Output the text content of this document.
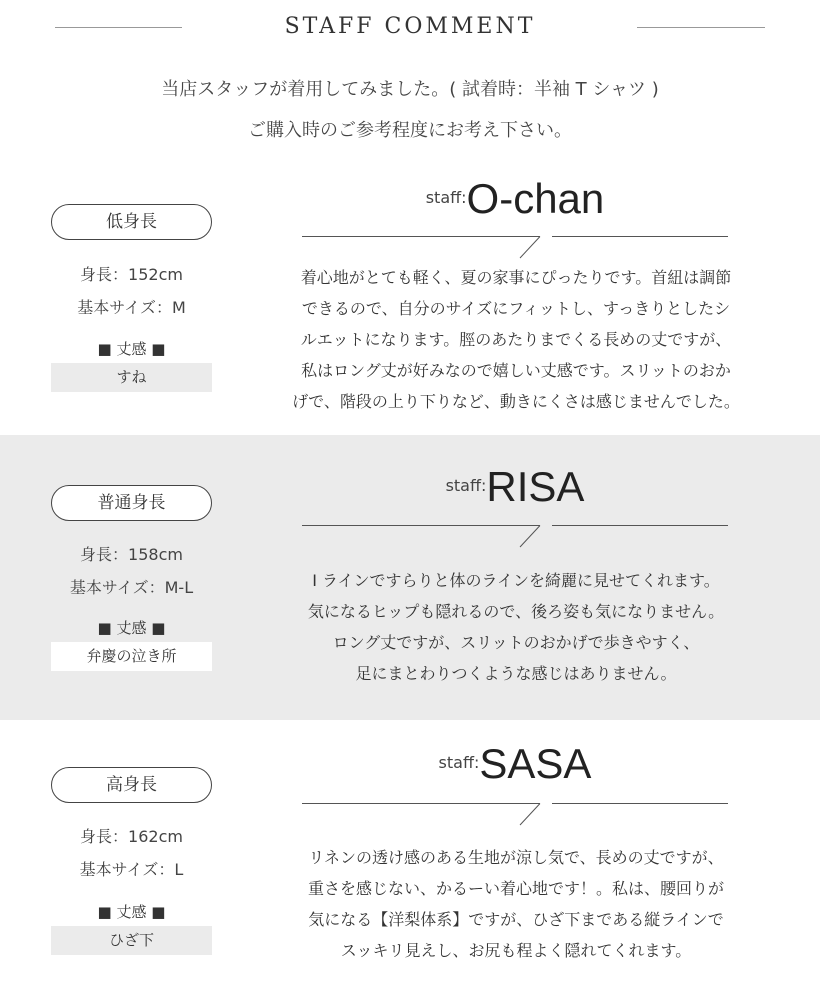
STAFF COMMENT
当店スタッフが着用してみました。( 試着時：半袖 T シャツ )
ご購入時のご参考程度にお考え下さい。
低身長
身長：152cm
基本サイズ：M
■ 丈感 ■
すね
staff:O-chan
着心地がとても軽く、夏の家事にぴったりです。首紐は調節
できるので、自分のサイズにフィットし、すっきりとしたシ
ルエットになります。脛のあたりまでくる長めの丈ですが、
私はロング丈が好みなので嬉しい丈感です。スリットのおか
げで、階段の上り下りなど、動きにくさは感じませんでした。
普通身長
身長：158cm
基本サイズ：M-L
■ 丈感 ■
弁慶の泣き所
staff:RISA
I ラインですらりと体のラインを綺麗に見せてくれます。
気になるヒップも隠れるので、後ろ姿も気になりません。
ロング丈ですが、スリットのおかげで歩きやすく、
足にまとわりつくような感じはありません。
高身長
身長：162cm
基本サイズ：L
■ 丈感 ■
ひざ下
staff:SASA
リネンの透け感のある生地が涼し気で、長めの丈ですが、
重さを感じない、かるーい着心地です！。私は、腰回りが
気になる【洋梨体系】ですが、ひざ下まである縦ラインで
スッキリ見えし、お尻も程よく隠れてくれます。
